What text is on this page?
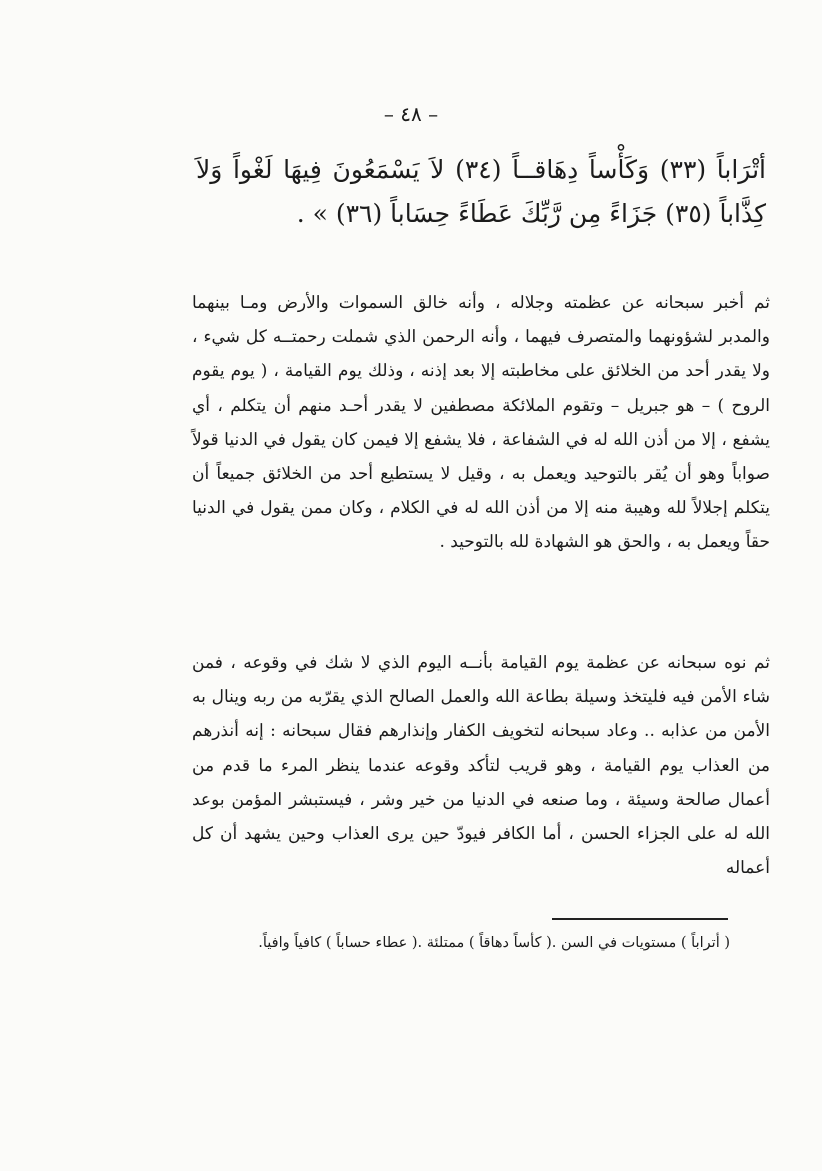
– ٤٨ –
أتْرَاباً (٣٣) وَكَأْساً دِهَاقــاً (٣٤) لاَ يَسْمَعُونَ فِيهَا لَغْواً وَلاَ كِذَّاباً (٣٥) جَزَاءً مِن رَّبِّكَ عَطَاءً حِسَاباً (٣٦) » .
ثم أخبر سبحانه عن عظمته وجلاله ، وأنه خالق السموات والأرض ومـا بينهما والمدبر لشؤونهما والمتصرف فيهما ، وأنه الرحمن الذي شملت رحمتــه كل شيء ، ولا يقدر أحد من الخلائق على مخاطبته إلا بعد إذنه ، وذلك يوم القيامة ، ( يوم يقوم الروح ) – هو جبريل – وتقوم الملائكة مصطفين لا يقدر أحـد منهم أن يتكلم ، أي يشفع ، إلا من أذن الله له في الشفاعة ، فلا يشفع إلا فيمن كان يقول في الدنيا قولاً صواباً وهو أن يُقر بالتوحيد ويعمل به ، وقيل لا يستطيع أحد من الخلائق جميعاً أن يتكلم إجلالاً لله وهيبة منه إلا من أذن الله له في الكلام ، وكان ممن يقول في الدنيا حقاً ويعمل به ، والحق هو الشهادة لله بالتوحيد .
ثم نوه سبحانه عن عظمة يوم القيامة بأنــه اليوم الذي لا شك في وقوعه ، فمن شاء الأمن فيه فليتخذ وسيلة بطاعة الله والعمل الصالح الذي يقرّبه من ربه وينال به الأمن من عذابه .. وعاد سبحانه لتخويف الكفار وإنذارهم فقال سبحانه : إنه أنذرهم من العذاب يوم القيامة ، وهو قريب لتأكد وقوعه عندما ينظر المرء ما قدم من أعمال صالحة وسيئة ، وما صنعه في الدنيا من خير وشر ، فيستبشر المؤمن بوعد الله له على الجزاء الحسن ، أما الكافر فيودّ حين يرى العذاب وحين يشهد أن كل أعماله
( أتراباً ) مستويات في السن .( كأساً دهاقاً ) ممتلئة .( عطاء حساباً ) كافياً وافياً.
